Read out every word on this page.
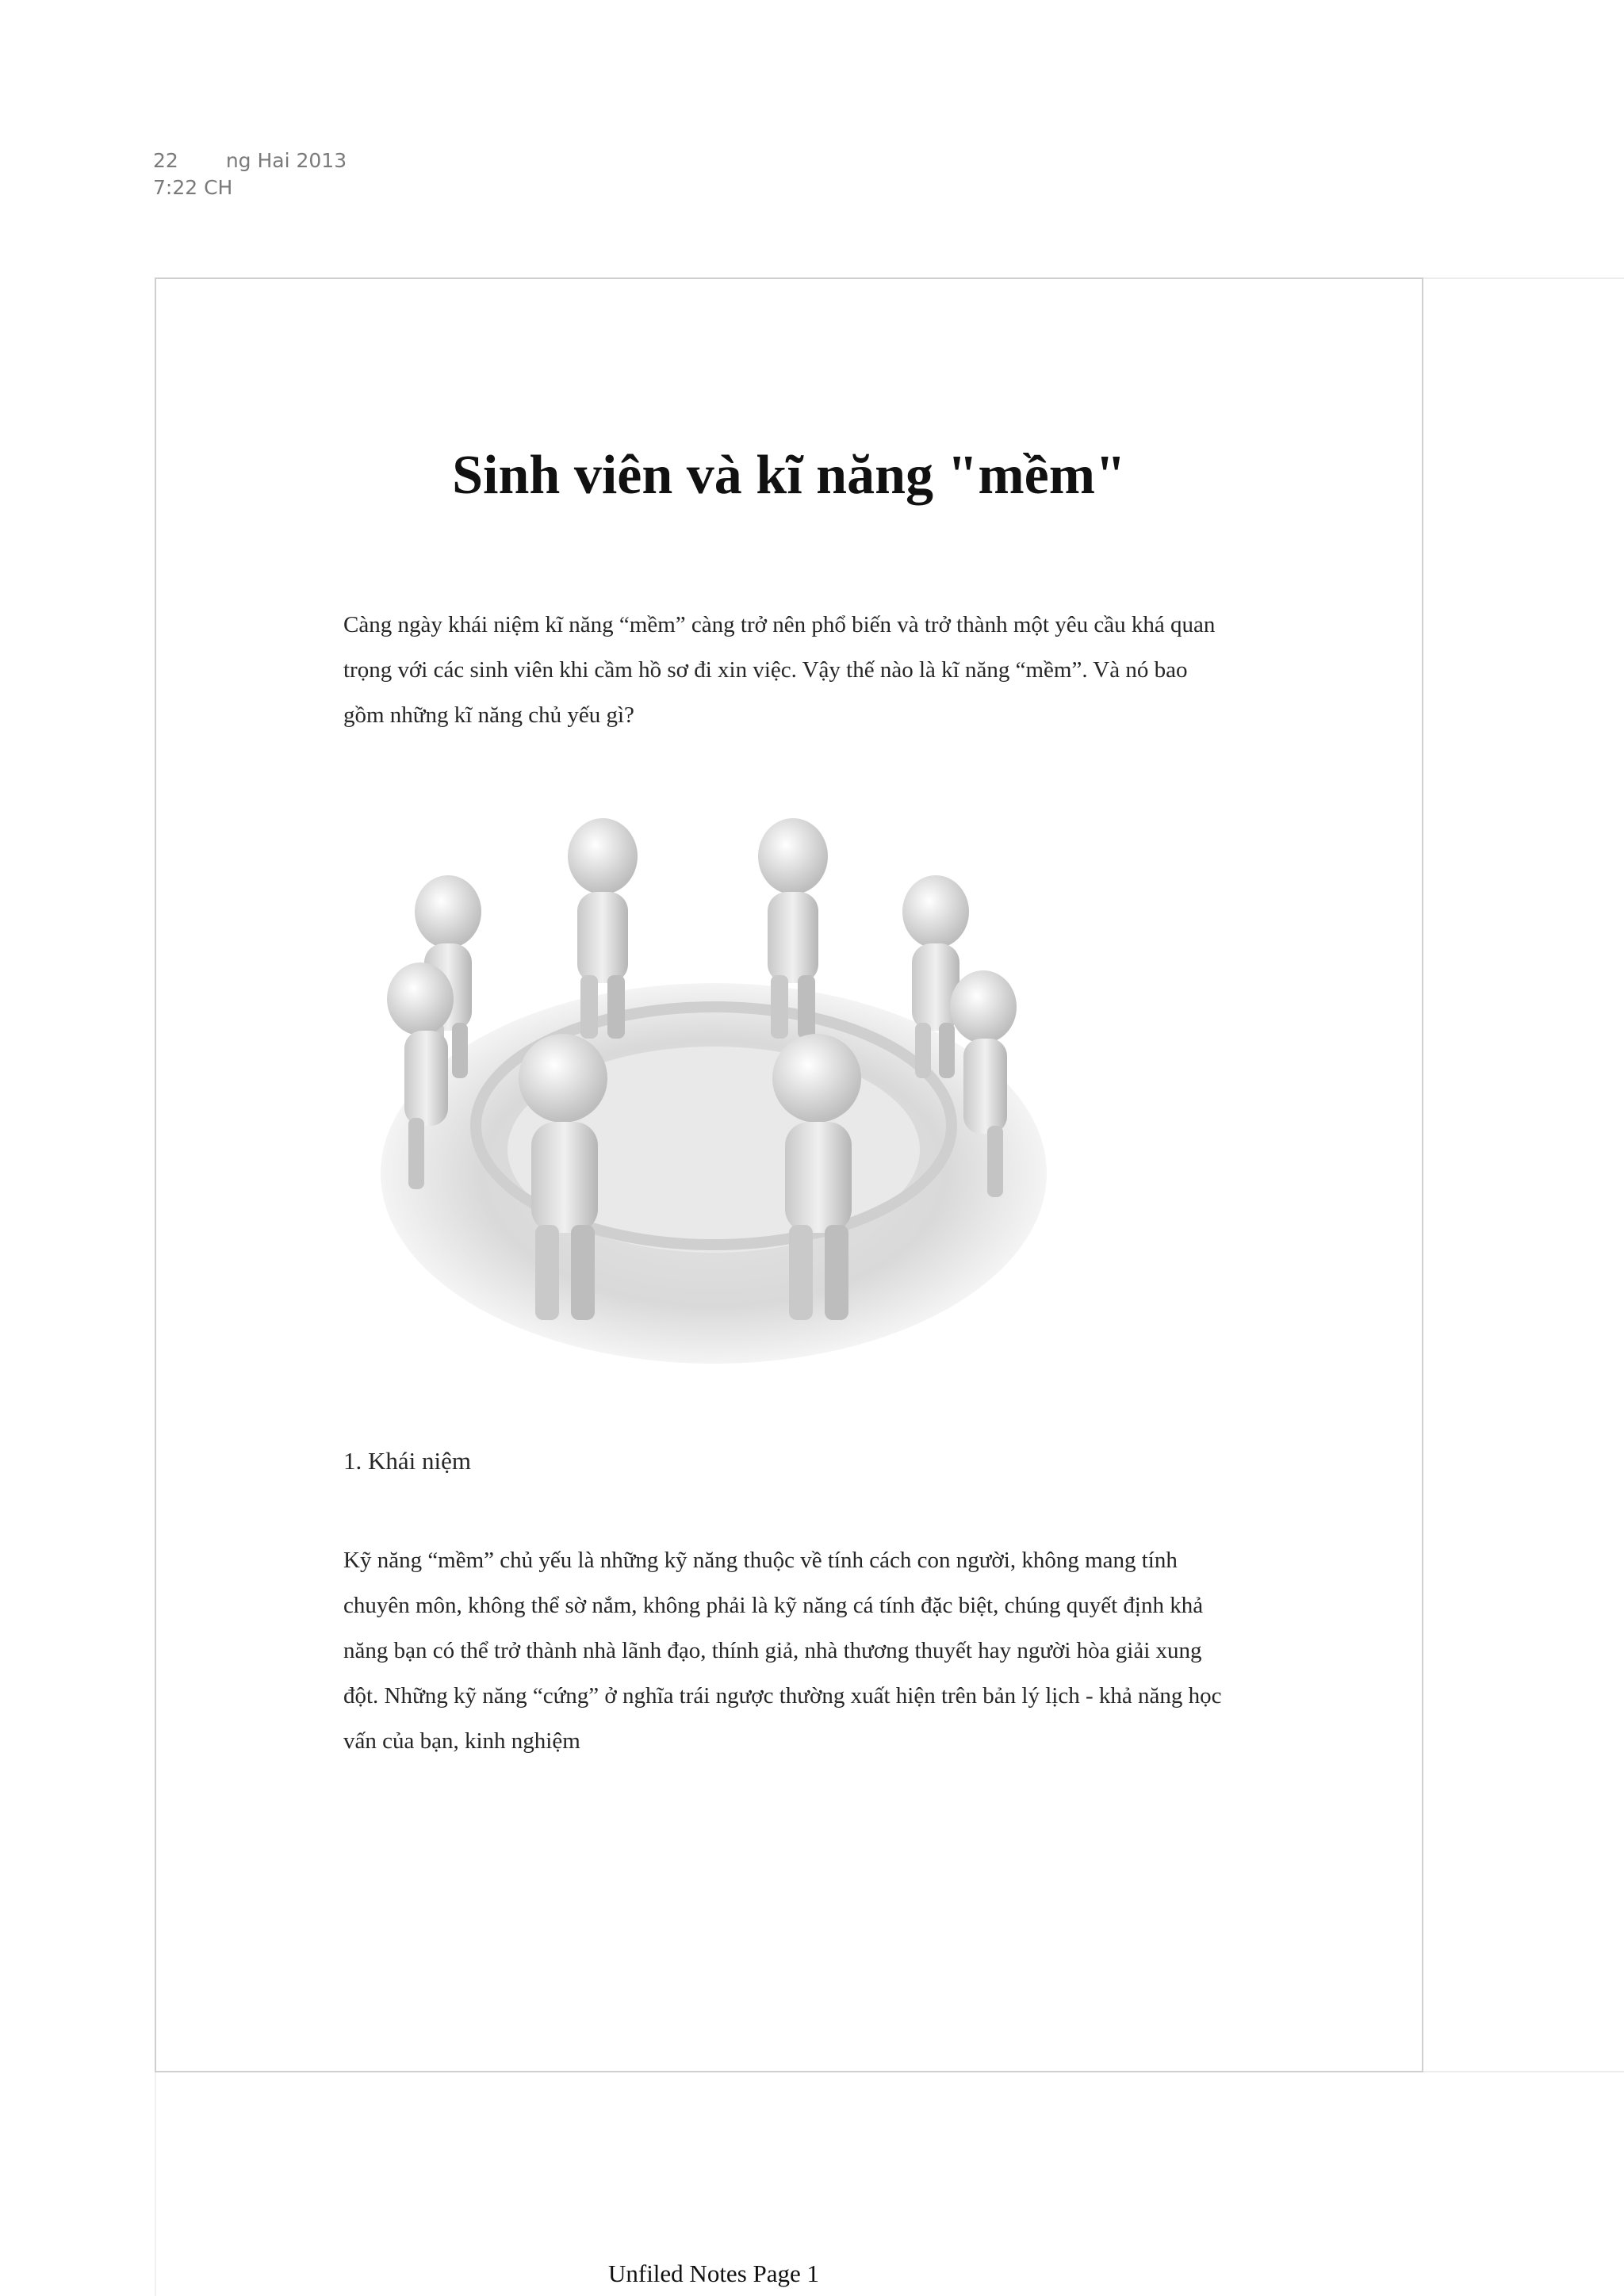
22 ng Hai 2013
7:22 CH
Sinh viên và kĩ năng "mềm"

Càng ngày khái niệm kĩ năng “mềm” càng trở nên phổ biến và trở thành một yêu cầu khá quan trọng với các sinh viên khi cầm hồ sơ đi xin việc. Vậy thế nào là kĩ năng “mềm”. Và nó bao gồm những kĩ năng chủ yếu gì?

1. Khái niệm

Kỹ năng “mềm” chủ yếu là những kỹ năng thuộc về tính cách con người, không mang tính chuyên môn, không thể sờ nắm, không phải là kỹ năng cá tính đặc biệt, chúng quyết định khả năng bạn có thể trở thành nhà lãnh đạo, thính giả, nhà thương thuyết hay người hòa giải xung đột. Những kỹ năng “cứng” ở nghĩa trái ngược thường xuất hiện trên bản lý lịch - khả năng học vấn của bạn, kinh nghiệm

Unfiled Notes Page 1
